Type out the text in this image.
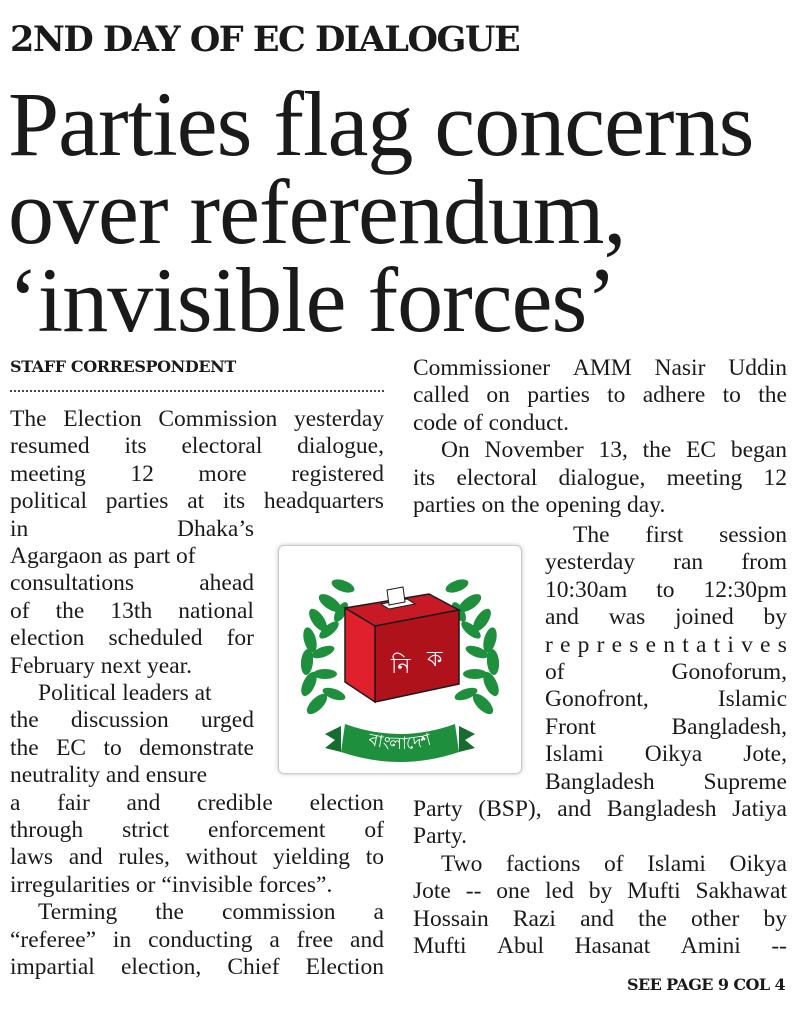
2ND DAY OF EC DIALOGUE
Parties flag concerns
over referendum,
‘invisible forces’
STAFF CORRESPONDENT
The Election Commission yesterday
resumed its electoral dialogue,
meeting 12 more registered
political parties at its headquarters
in	Dhaka’s
Agargaon as part of
consultations	ahead
of the 13th national
election scheduled for
February next year.
Political leaders at
the discussion urged
the EC to demonstrate
neutrality and ensure
a fair and credible election
through strict enforcement of
laws and rules, without yielding to
irregularities or “invisible forces”.
Terming the commission a
“referee” in conducting a free and
impartial election, Chief Election
Commissioner AMM Nasir Uddin
called on parties to adhere to the
code of conduct.
On November 13, the EC began
its electoral dialogue, meeting 12
parties on the opening day.
The first session
yesterday ran from
10:30am to 12:30pm
and was joined by
r e p r e s e n t a t i v e s
of	Gonoforum,
Gonofront,	Islamic
Front	Bangladesh,
Islami Oikya Jote,
Bangladesh Supreme
Party (BSP), and Bangladesh Jatiya
Party.
Two factions of Islami Oikya
Jote -- one led by Mufti Sakhawat
Hossain Razi and the other by
Mufti Abul Hasanat Amini --
নি ক
বাংলাদেশ
SEE PAGE 9 COL 4
